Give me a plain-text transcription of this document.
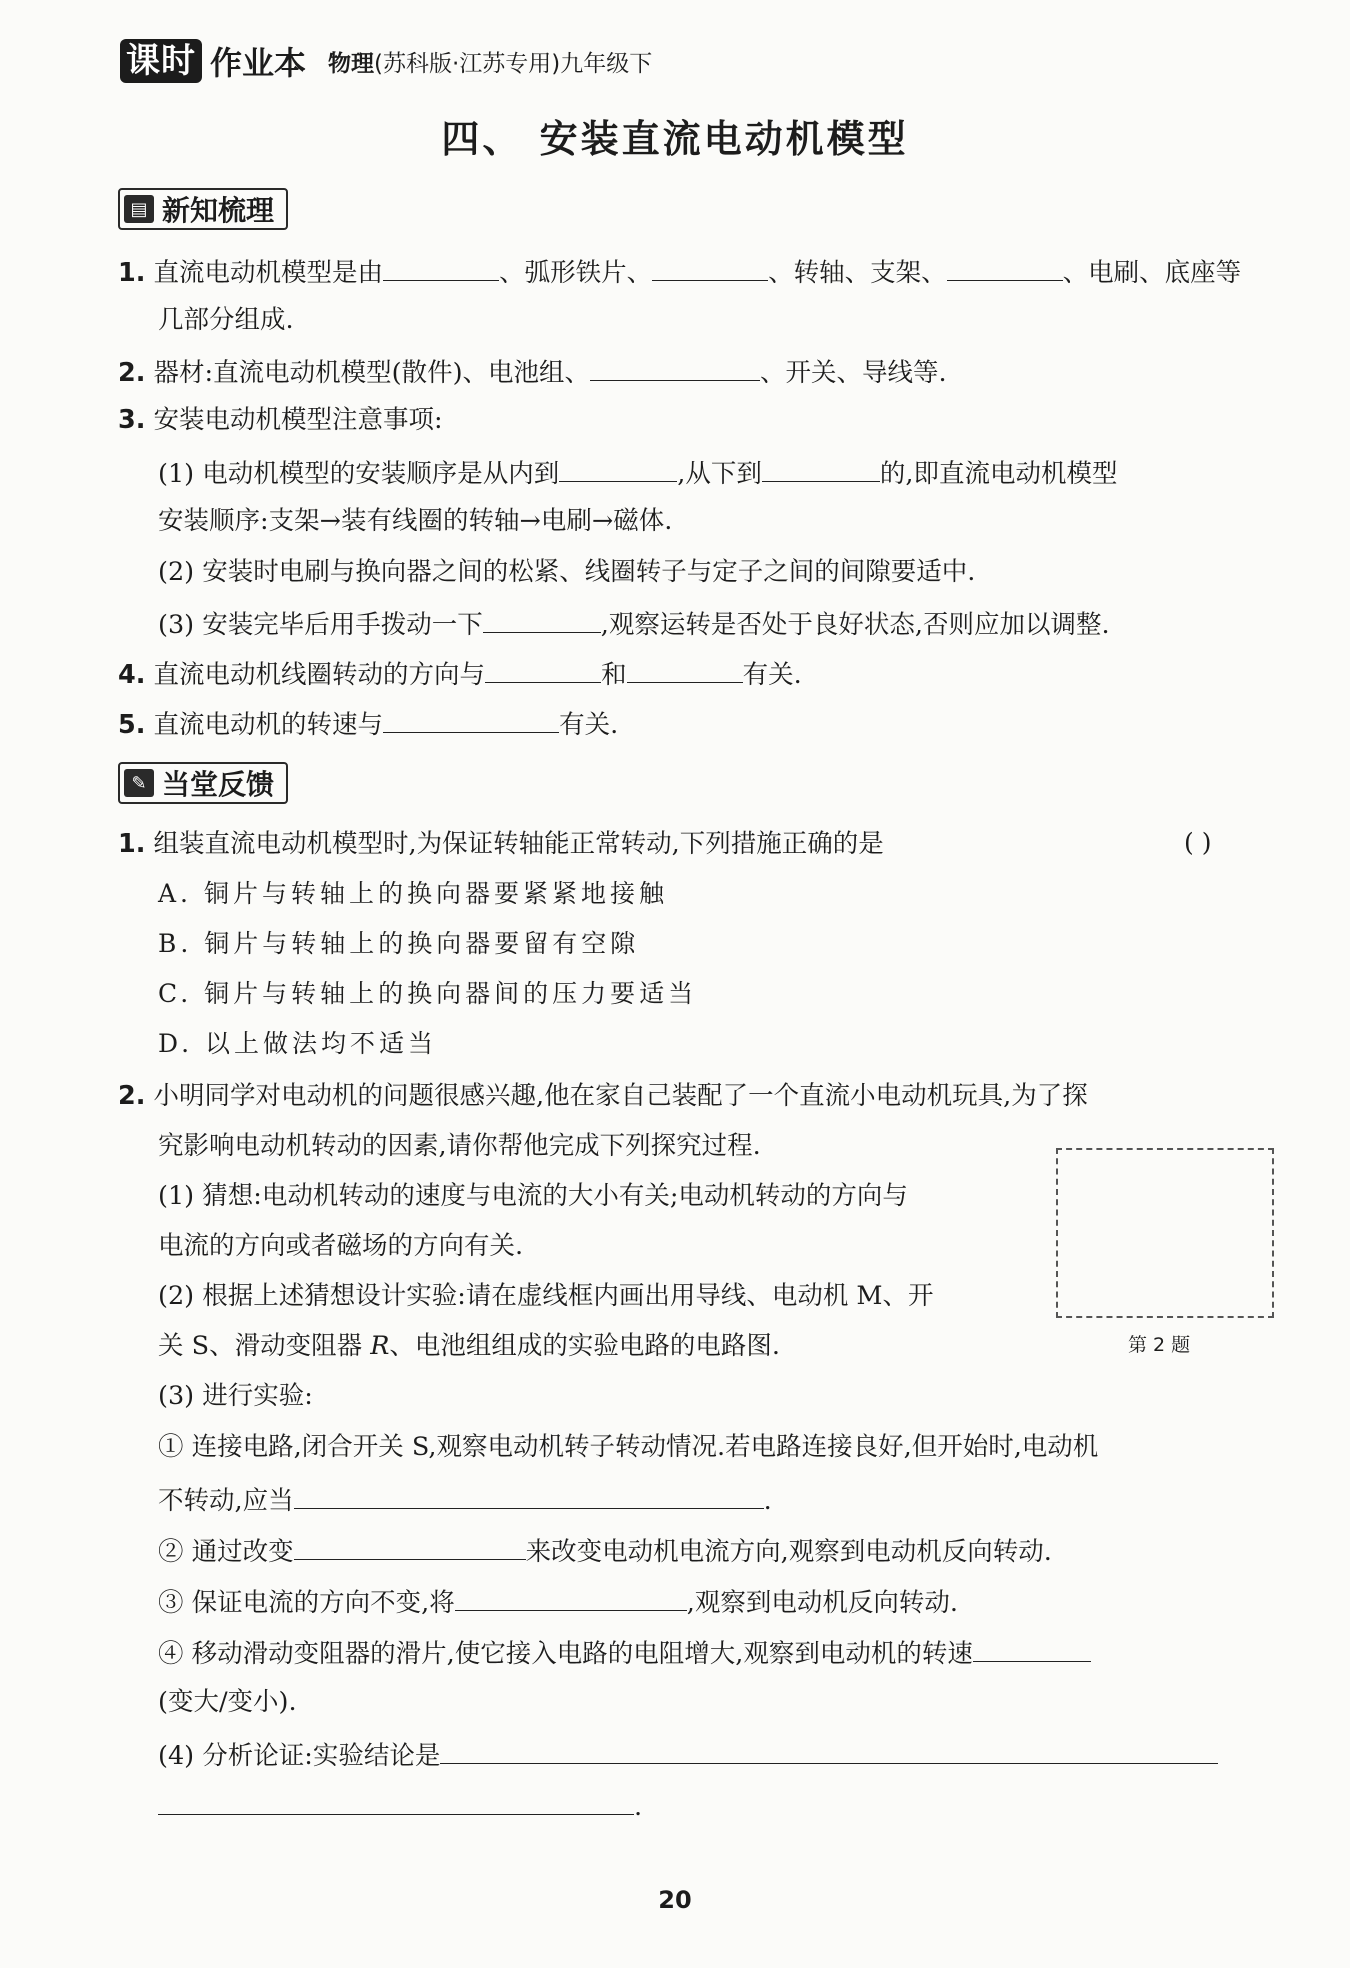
课时 作业本 物理(苏科版·江苏专用)九年级下
四、 安装直流电动机模型
▤ 新知梳理
1. 直流电动机模型是由	、弧形铁片、	、转轴、支架、	、电刷、底座等
几部分组成.
2. 器材:直流电动机模型(散件)、电池组、	、开关、导线等.
3. 安装电动机模型注意事项:
(1) 电动机模型的安装顺序是从内到	,从下到	的,即直流电动机模型
安装顺序:支架→装有线圈的转轴→电刷→磁体.
(2) 安装时电刷与换向器之间的松紧、线圈转子与定子之间的间隙要适中.
(3) 安装完毕后用手拨动一下	,观察运转是否处于良好状态,否则应加以调整.
4. 直流电动机线圈转动的方向与	和	有关.
5. 直流电动机的转速与	有关.
✎ 当堂反馈
1. 组装直流电动机模型时,为保证转轴能正常转动,下列措施正确的是	( )
A. 铜片与转轴上的换向器要紧紧地接触
B. 铜片与转轴上的换向器要留有空隙
C. 铜片与转轴上的换向器间的压力要适当
D. 以上做法均不适当
2. 小明同学对电动机的问题很感兴趣,他在家自己装配了一个直流小电动机玩具,为了探
究影响电动机转动的因素,请你帮他完成下列探究过程.
(1) 猜想:电动机转动的速度与电流的大小有关;电动机转动的方向与
电流的方向或者磁场的方向有关.
(2) 根据上述猜想设计实验:请在虚线框内画出用导线、电动机 M、开
关 S、滑动变阻器 R、电池组组成的实验电路的电路图.	第 2 题
(3) 进行实验:
① 连接电路,闭合开关 S,观察电动机转子转动情况.若电路连接良好,但开始时,电动机
不转动,应当	.
② 通过改变	来改变电动机电流方向,观察到电动机反向转动.
③ 保证电流的方向不变,将	,观察到电动机反向转动.
④ 移动滑动变阻器的滑片,使它接入电路的电阻增大,观察到电动机的转速
(变大/变小).
(4) 分析论证:实验结论是
.
20
